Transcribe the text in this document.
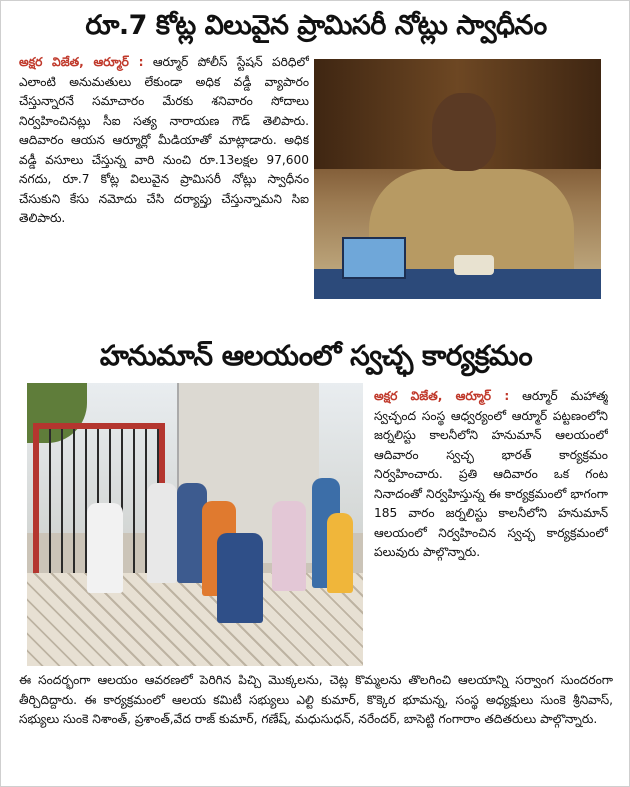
రూ.7 కోట్ల విలువైన ప్రామిసరీ నోట్లు స్వాధీనం
అక్షర విజేత, ఆర్మూర్ : ఆర్మూర్ పోలీస్ స్టేషన్ పరిధిలో ఎలాంటి అనుమతులు లేకుండా అధిక వడ్డీ వ్యాపారం చేస్తున్నారనే సమాచారం మేరకు శనివారం సోదాలు నిర్వహించినట్లు సీఐ సత్య నారాయణ గౌడ్ తెలిపారు. ఆదివారం ఆయన ఆర్మూర్లో మీడియాతో మాట్లాడారు. అధిక వడ్డీ వసూలు చేస్తున్న వారి నుంచి రూ.13లక్షల 97,600 నగదు, రూ.7 కోట్ల విలువైన ప్రామిసరీ నోట్లు స్వాధీనం చేసుకుని కేసు నమోదు చేసి దర్యాప్తు చేస్తున్నామని సిఐ తెలిపారు.
హనుమాన్ ఆలయంలో స్వచ్ఛ కార్యక్రమం
అక్షర విజేత, ఆర్మూర్ : ఆర్మూర్ మహాత్మ స్వచ్ఛంద సంస్థ ఆధ్వర్యంలో ఆర్మూర్ పట్టణంలోని జర్నలిస్టు కాలనీలోని హనుమాన్ ఆలయంలో ఆదివారం స్వచ్ఛ భారత్ కార్యక్రమం నిర్వహించారు. ప్రతి ఆదివారం ఒక గంట నినాదంతో నిర్వహిస్తున్న ఈ కార్యక్రమంలో భాగంగా 185 వారం జర్నలిస్టు కాలనీలోని హనుమాన్ ఆలయంలో నిర్వహించిన స్వచ్ఛ కార్యక్రమంలో పలువురు పాల్గొన్నారు.
ఈ సందర్భంగా ఆలయం ఆవరణలో పెరిగిన పిచ్చి మొక్కలను, చెట్ల కొమ్మలను తొలగించి ఆలయాన్ని సర్వాంగ సుందరంగా తీర్చిదిద్దారు. ఈ కార్యక్రమంలో ఆలయ కమిటీ సభ్యులు ఎల్టి కుమార్, కొక్కెర భూమన్న, సంస్థ అధ్యక్షులు సుంకె శ్రీనివాస్, సభ్యులు సుంకె నిశాంత్, ప్రశాంత్,వేద రాజ్ కుమార్, గణేష్, మధుసుధన్, నరేందర్, బాసెట్టి గంగారాం తదితరులు పాల్గొన్నారు.
